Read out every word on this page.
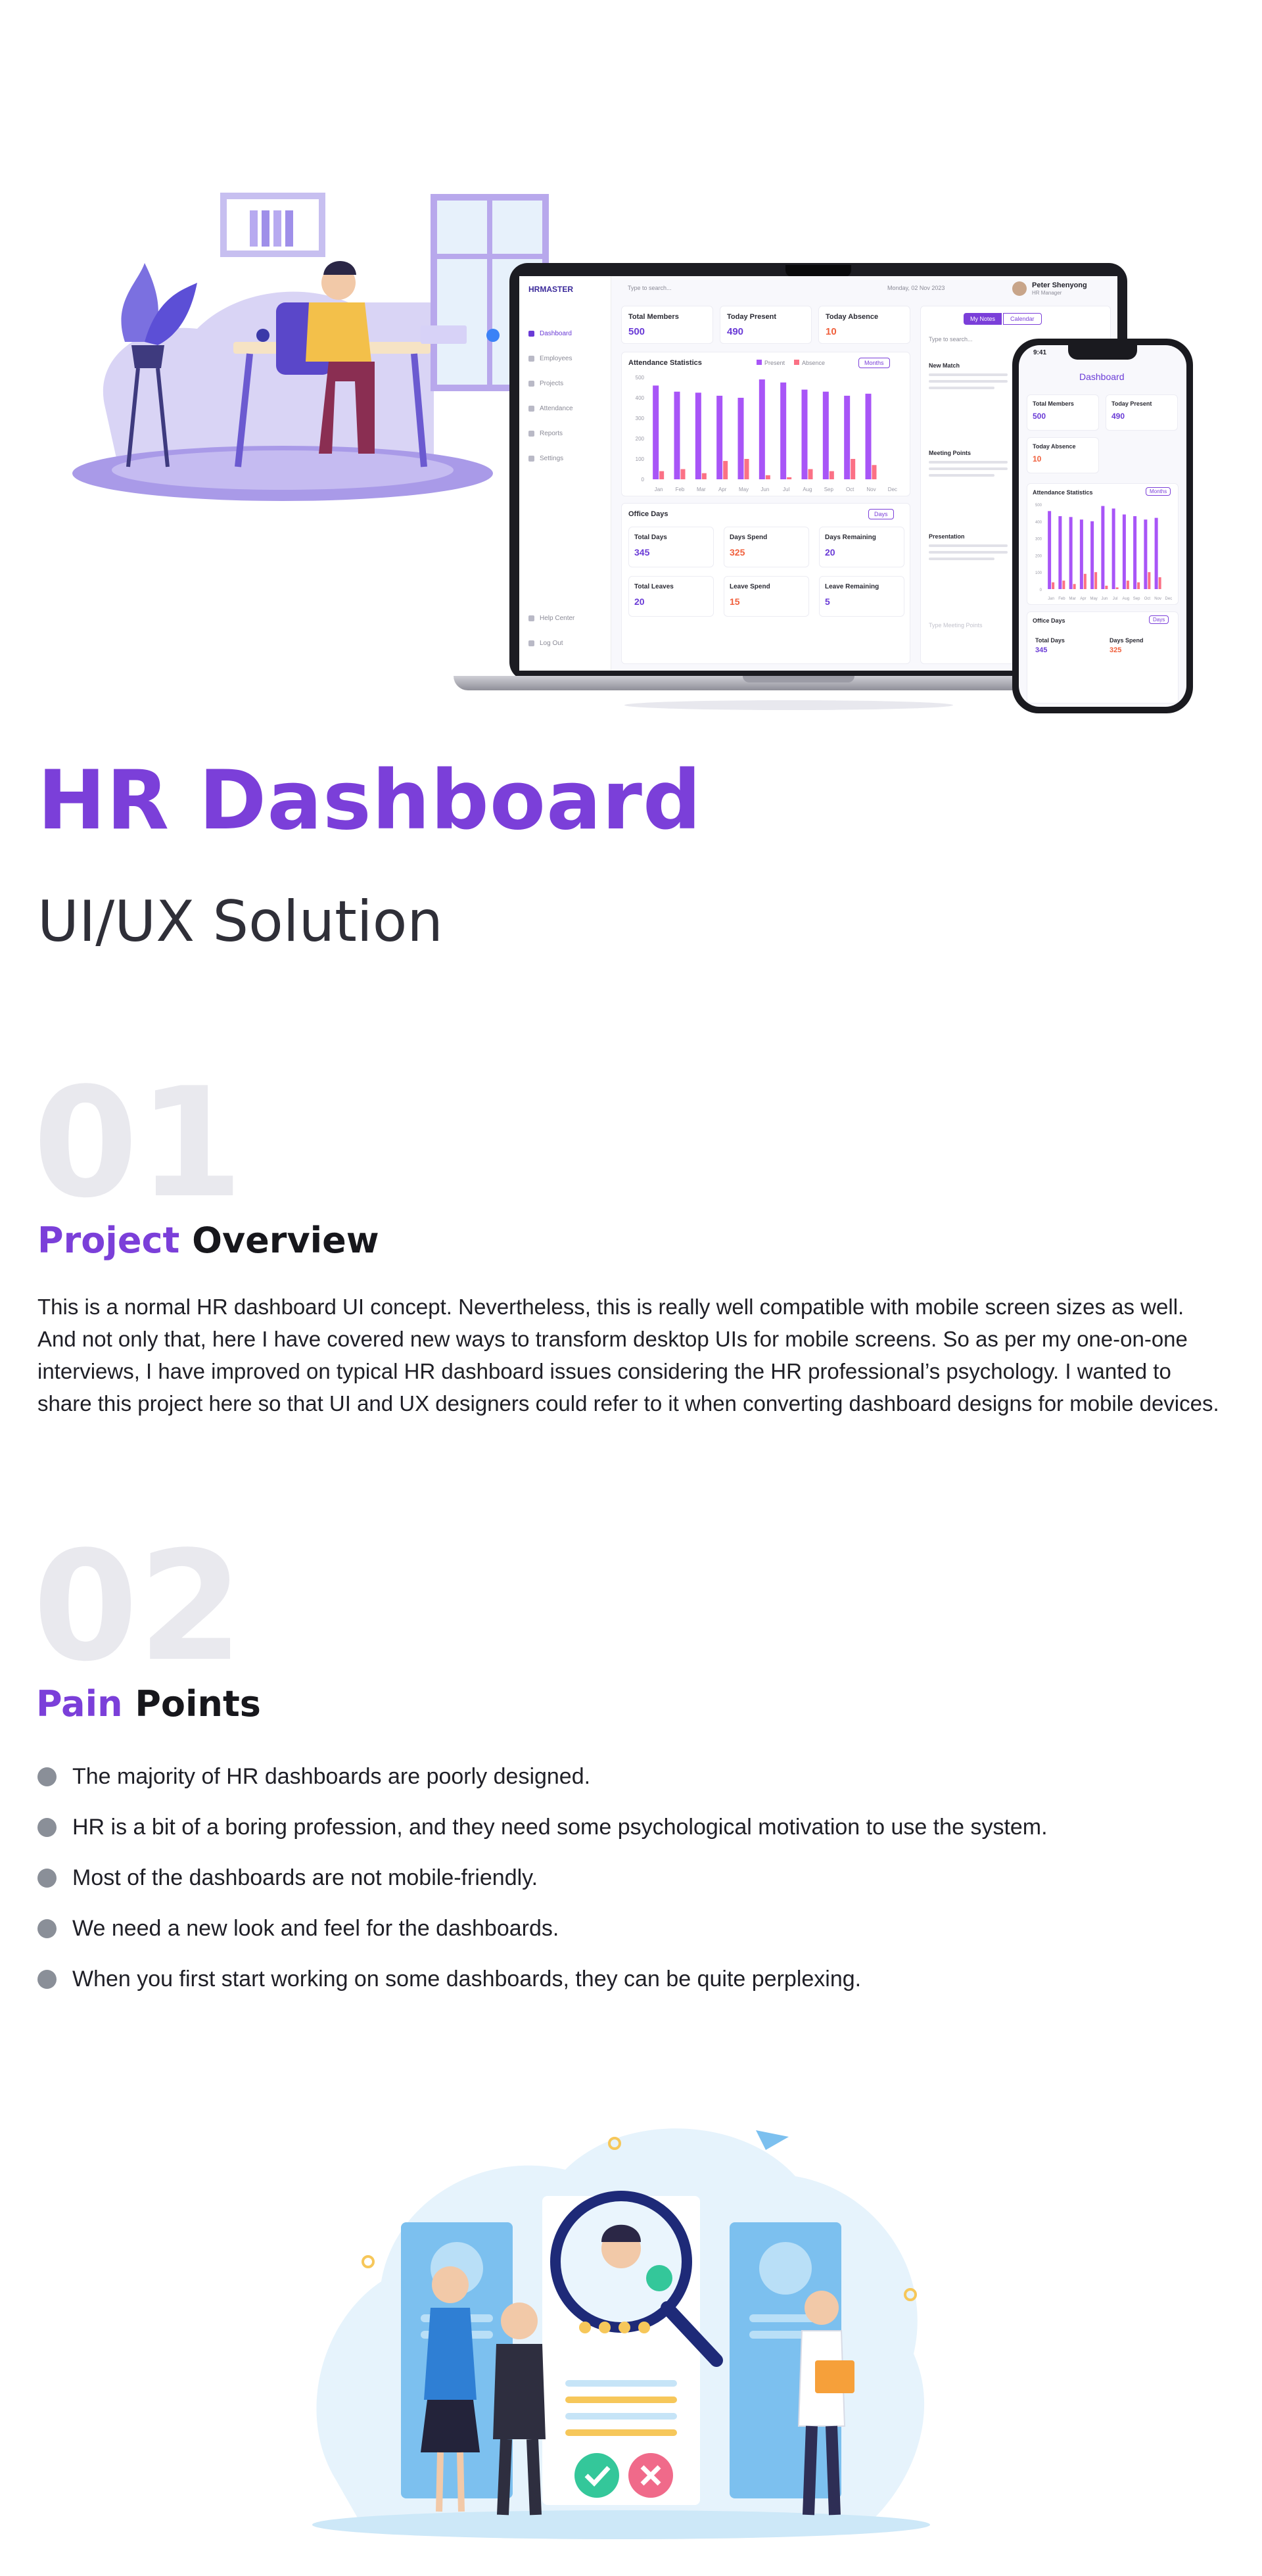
HRMASTER
Dashboard
Employees
Projects
Attendance
Reports
Settings
Help Center
Log Out
Type to search...	Monday, 02 Nov 2023	Peter Shenyong
HR Manager
Total Members
500
Today Present
490
Today Absence
10
Attendance Statistics	Present	Absence	Months
0
100
200
300
400
500
Jan Feb Mar Apr May Jun	Jul	Aug Sep Oct Nov Dec
Office Days	Days
Total Days
345
Days Spend
325
Days Remaining
20
Total Leaves
20
Leave Spend
15
Leave Remaining
5
My Notes	Calendar
Type to search...
New Match
Meeting Points
Presentation
Type Meeting Points
9:41
Dashboard
Total Members
500
Today Present
490
Today Absence
10
Attendance Statistics	Months
0
100
200
300
400
500
Jan Feb Mar Apr May Jun Jul Aug Sep Oct Nov Dec
Office Days	Days
Total Days
345
Days Spend
325
HR Dashboard
UI/UX Solution
01
Project Overview
This is a normal HR dashboard UI concept. Nevertheless, this is really well compatible with mobile screen sizes as well. And not only that, here I have covered new ways to transform desktop UIs for mobile screens. So as per my one-on-one interviews, I have improved on typical HR dashboard issues considering the HR professional’s psychology. I wanted to share this project here so that UI and UX designers could refer to it when converting dashboard designs for mobile devices.
02
Pain Points
The majority of HR dashboards are poorly designed.
HR is a bit of a boring profession, and they need some psychological motivation to use the system.
Most of the dashboards are not mobile-friendly.
We need a new look and feel for the dashboards.
When you first start working on some dashboards, they can be quite perplexing.
